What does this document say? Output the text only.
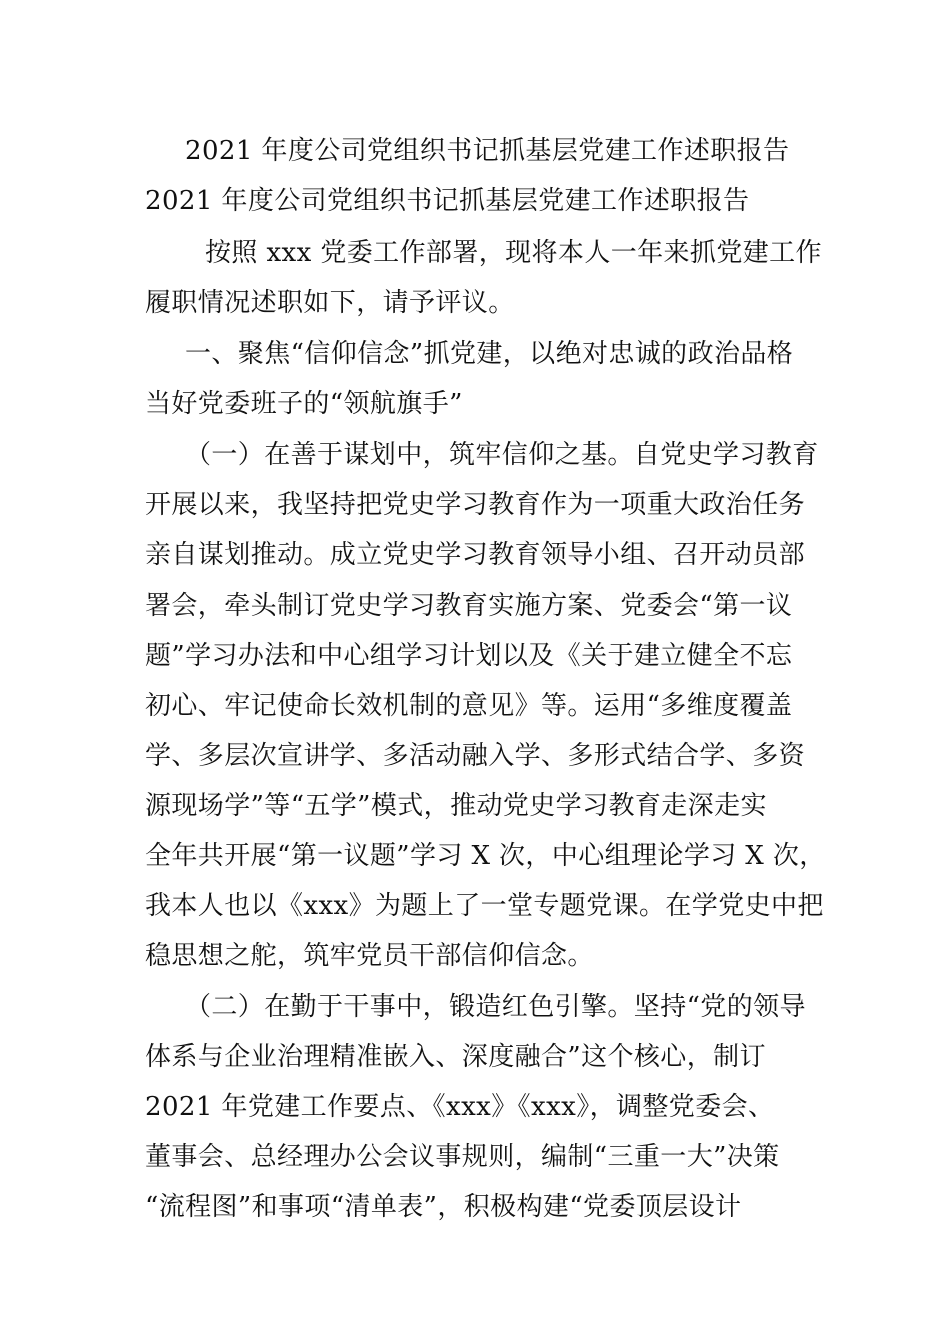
2021 年度公司党组织书记抓基层党建工作述职报告
2021 年度公司党组织书记抓基层党建工作述职报告
按照 xxx 党委工作部署，现将本人一年来抓党建工作
履职情况述职如下，请予评议。
一、聚焦“信仰信念”抓党建，以绝对忠诚的政治品格
当好党委班子的“领航旗手”
（一）在善于谋划中，筑牢信仰之基。自党史学习教育
开展以来，我坚持把党史学习教育作为一项重大政治任务
亲自谋划推动。成立党史学习教育领导小组、召开动员部
署会，牵头制订党史学习教育实施方案、党委会“第一议
题”学习办法和中心组学习计划以及《关于建立健全不忘
初心、牢记使命长效机制的意见》等。运用“多维度覆盖
学、多层次宣讲学、多活动融入学、多形式结合学、多资
源现场学”等“五学”模式，推动党史学习教育走深走实
全年共开展“第一议题”学习 X 次，中心组理论学习 X 次，
我本人也以《xxx》为题上了一堂专题党课。在学党史中把
稳思想之舵，筑牢党员干部信仰信念。
（二）在勤于干事中，锻造红色引擎。坚持“党的领导
体系与企业治理精准嵌入、深度融合”这个核心，制订
2021 年党建工作要点、《xxx》《xxx》，调整党委会、
董事会、总经理办公会议事规则，编制“三重一大”决策
“流程图”和事项“清单表”，积极构建“党委顶层设计
